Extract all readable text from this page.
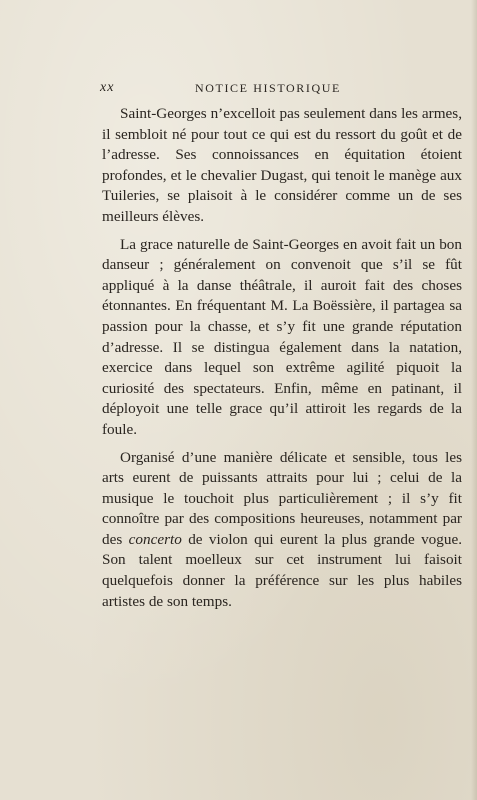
xx	NOTICE HISTORIQUE

Saint-Georges n’excelloit pas seulement dans les armes, il sembloit né pour tout ce qui est du ressort du goût et de l’adresse. Ses connoissances en équitation étoient profondes, et le chevalier Dugast, qui tenoit le manège aux Tuileries, se plaisoit à le considérer comme un de ses meilleurs élèves.

La grace naturelle de Saint-Georges en avoit fait un bon danseur ; généralement on convenoit que s’il se fût appliqué à la danse théâtrale, il auroit fait des choses étonnantes. En fréquentant M. La Boëssière, il partagea sa passion pour la chasse, et s’y fit une grande réputation d’adresse. Il se distingua également dans la natation, exercice dans lequel son extrême agilité piquoit la curiosité des spectateurs. Enfin, même en patinant, il déployoit une telle grace qu’il attiroit les regards de la foule.

Organisé d’une manière délicate et sensible, tous les arts eurent de puissants attraits pour lui ; celui de la musique le touchoit plus particulièrement ; il s’y fit connoître par des compositions heureuses, notamment par des concerto de violon qui eurent la plus grande vogue. Son talent moelleux sur cet instrument lui faisoit quelquefois donner la préférence sur les plus habiles artistes de son temps.
